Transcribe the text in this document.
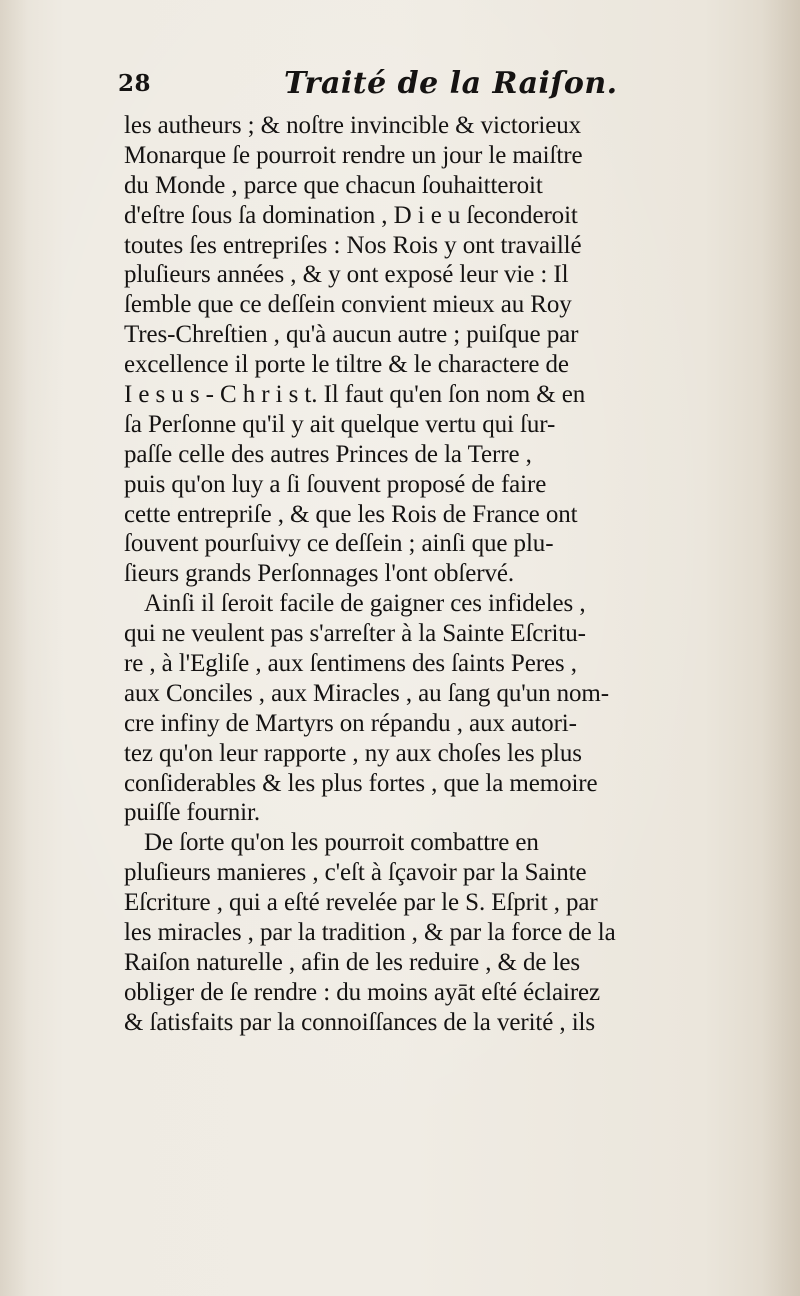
28	Traité de la Raiſon.
les autheurs ; & noſtre invincible & victorieux
Monarque ſe pourroit rendre un jour le maiſtre
du Monde , parce que chacun ſouhaitteroit
d'eſtre ſous ſa domination , D i e u ſeconderoit
toutes ſes entrepriſes : Nos Rois y ont travaillé
pluſieurs années , & y ont exposé leur vie : Il
ſemble que ce deſſein convient mieux au Roy
Tres-Chreſtien , qu'à aucun autre ; puiſque par
excellence il porte le tiltre & le charactere de
I e s u s - C h r i s t. Il faut qu'en ſon nom & en
ſa Perſonne qu'il y ait quelque vertu qui ſur-
paſſe celle des autres Princes de la Terre ,
puis qu'on luy a ſi ſouvent proposé de faire
cette entrepriſe , & que les Rois de France ont
ſouvent pourſuivy ce deſſein ; ainſi que plu-
ſieurs grands Perſonnages l'ont obſervé.
Ainſi il ſeroit facile de gaigner ces infideles ,
qui ne veulent pas s'arreſter à la Sainte Eſcritu-
re , à l'Egliſe , aux ſentimens des ſaints Peres ,
aux Conciles , aux Miracles , au ſang qu'un nom-
cre infiny de Martyrs on répandu , aux autori-
tez qu'on leur rapporte , ny aux choſes les plus
conſiderables & les plus fortes , que la memoire
puiſſe fournir.
De ſorte qu'on les pourroit combattre en
pluſieurs manieres , c'eſt à ſçavoir par la Sainte
Eſcriture , qui a eſté revelée par le S. Eſprit , par
les miracles , par la tradition , & par la force de la
Raiſon naturelle , afin de les reduire , & de les
obliger de ſe rendre : du moins ayāt eſté éclairez
& ſatisfaits par la connoiſſances de la verité , ils
